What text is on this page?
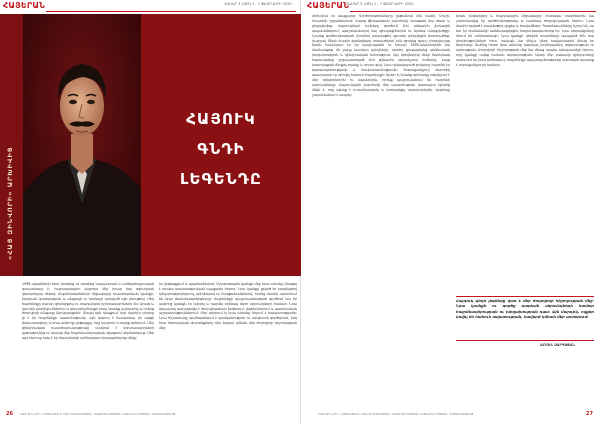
ՀԱՅԵՐԱՆ	ՀԱՄԱՐ 3 (185) 1 - 7 ՓԵՏՐՎԱՐԻ 2020 ՀԱՅԵՐԱՆ
ՀԱՄԱՐ 3 (185) 1 - 7 ՓԵՏՐՎԱՐԻ 2020
«ՀԱՅ ԶԻՆՎՈՐԻ» ԱՐԽԻՎԻՑ
ՀԱՅՈՒԿ
ԳՆԴԻ
ԼԵԳԵՆԴԸ
1998-ականների հետ իրանից ու դրանից Կավաստան և ամենահայրական գաղափարը ի՝ հայրայրապետ յեկրորդ մեջ իրար հայ զգիտրյան վերաբերյալ մեկով: Հայրենականների միջավայրը ուսանողական կյանքի, իրական կարելություն և անցյալի ու ներկայի կտրված այն բնույթով: Մեր հայրենիքը բարձր գիտելիքով ու տաղանդով երիտասարդներն են: Արագ և դյուրին ընդմիջումներով ու վերաբերմունքի տակ նրանք աշխարհը և իրենց ժողովրդի անցյալը ներկայացրին: Միայն այն դեպքում, երբ մարդու սիրտը լի է իր հայրենիքի պատմությամբ, այն կարող է հասկանալ իր ազգի ճակատագիրը և նրա ամբողջ ընթացքը, որը ապրում է գալիք օրերում: Մեր զինվորական դաստիարակությունը սկսվում է երիտասարդների կրթությունից ու նրանց մեջ հայրենասիրության զգացում սերմանելուց: Մեր այս հերոսը եղել է իր ժամանակի ամենավառ կերպարներից մեկը:
իր ընթացքում և պայմաններով: Մշակութային կյանքի մեջ նրա անունը մնացել է որպես ազատագրական պայքարի հերոս: Նրա կյանքը լցված էր բազմաթիվ դժվարություններով, կռիվներով ու հաղթանակներով, որոնց մասին պատմում են նրա ժամանակակիցները: Հայրենիքի պաշտպանության գործում նա իր ամբողջ կյանքն էր նվիրել և դարձել օրինակ եկող սերունդների համար: Նրա կերպարը ամրագրվել է ժողովրդական երգերում, լեգենդներում և պատմական աշխատություններում: Մեր օրերում էլ նրա անունը հնչում է հպարտությամբ: Նրա հիշատակը պահպանվում է գրականության ու արվեստի գործերում, իսկ նրա հերոսական սխրանքները դեռ երկար կմնան մեր ժողովրդի հիշողության մեջ:
26 ՀԱՅ ԶԻՆՎՈՐ | ՀԱՅԱՍՏԱՆԻ ՀԱՆՐԱՊԵՏՈՒԹՅԱՆ ՊԱՇՏՊԱՆՈՒԹՅԱՆ ՆԱԽԱՐԱՐՈՒԹՅԱՆ ՊԱՇՏՈՆԱԹԵՐԹ
փոխվում էր պայքարը: Գործողությունները ընթանում էին Վանի, Մուշի, Սասունի շրջաններում: Հայոց ֆիդայական շարժումը ստացավ նոր թափ և ընդլայնվեց: Հայդուկների խմբերը գործում էին դժվարին լեռնային պայմաններում, պաշտպանելով հայ գյուղացիներին ու նրանց ունեցվածքը: Նրանց գործունեության շնորհիվ բազմաթիվ գյուղեր փրկվեցին կոտորածից: Հայդուկ Գնդի մասին լեգենդները տարածվում էին գյուղից գյուղ: Ժողովուրդը նրան համարում էր իր պաշտպանն ու հույսը: 1890-ականներին նա մասնակցեց մի շարք կարևոր կռիվների, որտեղ ցուցաբերեց անձնական խիզախություն և զինվորական հմտություն: Այդ կռիվներից մեկի ժամանակ հայդուկները շրջապատված էին թշնամու գերակշռող ուժերով, բայց կարողացան ճեղքել օղակը և դուրս գալ: Նրա ղեկավարած ջոկատը հայտնի էր կարգապահությամբ և հավատարմությամբ: Յուրաքանչյուր մարտիկ պատրաստ էր զոհվել հանուն հայրենիքի: Այսօր էլ նրանց օրինակը ոգեշնչում է մեր զինվորներին ու սպաներին, որոնք պաշտպանում են հայրենի սահմանները: Հայդուկային շարժումը մեր պատմության փառավոր էջերից մեկն է, որը պետք է ուսումնասիրել և փոխանցել սերունդներին: Լեգենդը շարունակում է ապրել:
նրան ընկերները և հայդուկային միջավայրը: Հետագա տարիներին նա շարունակեց իր գործունեությունը և դարձավ ժողովրդական հերոս: Նրա մասին գրված է բազմաթիվ գրքեր և հոդվածներ: Պատմաբանները նշում են, որ նա իր ժամանակի ամենաազդեցիկ հայդուկապետերից էր: Նրա սխրանքները մնում են անմոռանալի: Նրա կյանքի վերջին տարիները կապված էին նոր փորձությունների հետ, սակայն նա մինչև վերջ հավատարիմ մնաց իր երդմանը: Մահից հետո նրա անունը դարձավ խորհրդանիշ ազատության ու արիության: Ժողովրդի հիշողության մեջ նա մնաց որպես անպարտելի հերոս, որը կյանքը տվեց հանուն արդարության: Այսօր մեր բանակի զինվորները սովորում են նրա օրինակով: Հայրենիքի պաշտպանությունը սրբազան պարտք է յուրաքանչյուրի համար:
Հայդուկ գնդի լեգենդը վառ է մեր ժողովրդի հիշողության մեջ: Նրա կյանքն ու գործը դարձան սերունդների համար հայրենասիրության ու խիզախության դաս: Այն մարդիկ, ովքեր կռվել են հանուն ազատության, հավերժ կմնան մեր սրտերում:
ԱՐՄԵՆ ՍԱՐԳՍՅԱՆ
27
ՀԱՅ ԶԻՆՎՈՐ | ՀԱՅԱՍՏԱՆԻ ՀԱՆՐԱՊԵՏՈՒԹՅԱՆ ՊԱՇՏՊԱՆՈՒԹՅԱՆ ՆԱԽԱՐԱՐՈՒԹՅԱՆ ՊԱՇՏՈՆԱԹԵՐԹ
